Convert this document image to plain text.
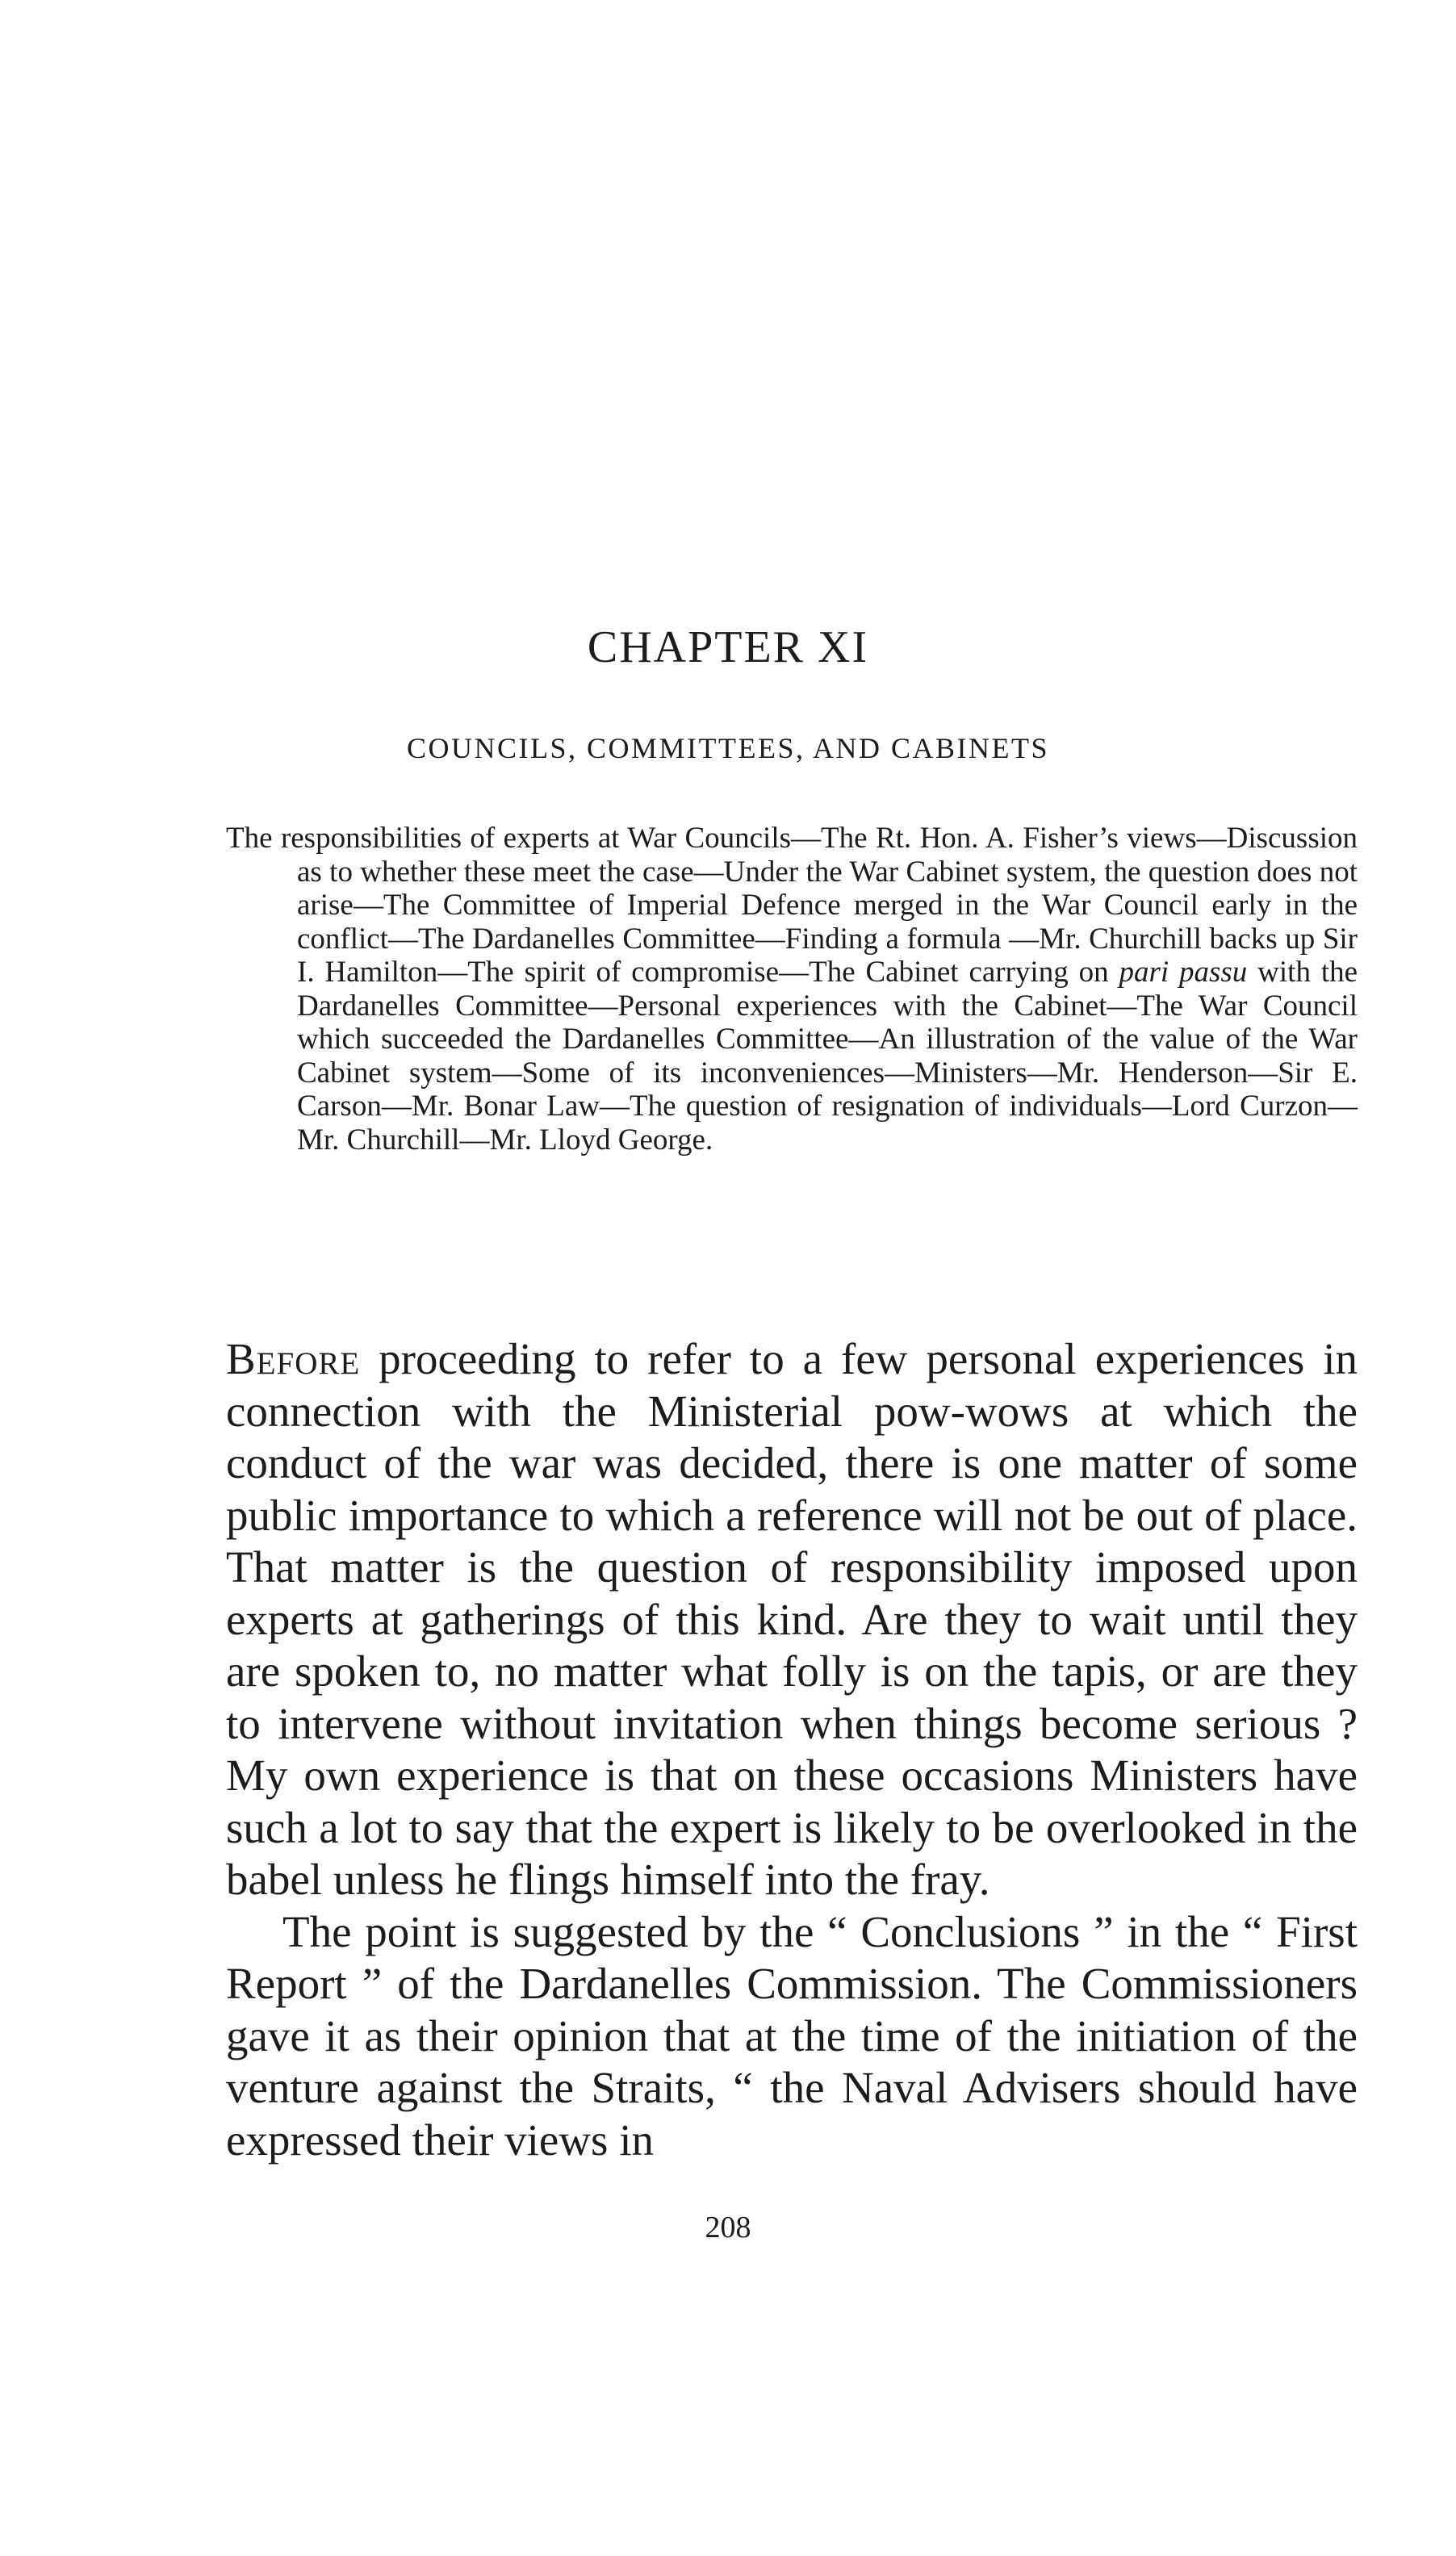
CHAPTER XI
COUNCILS, COMMITTEES, AND CABINETS

The responsibilities of experts at War Councils—The Rt. Hon. A. Fisher’s views—Discussion as to whether these meet the case—Under the War Cabinet system, the question does not arise—The Committee of Imperial Defence merged in the War Council early in the conflict—The Dardanelles Committee—Finding a formula —Mr. Churchill backs up Sir I. Hamilton—The spirit of compromise—The Cabinet carrying on pari passu with the Dardanelles Committee—Personal experiences with the Cabinet—The War Council which succeeded the Dardanelles Committee—An illustration of the value of the War Cabinet system—Some of its inconveniences—Ministers—Mr. Henderson—Sir E. Carson—Mr. Bonar Law—The question of resignation of individuals—Lord Curzon—Mr. Churchill—Mr. Lloyd George.

Before proceeding to refer to a few personal experiences in connection with the Ministerial pow-wows at which the conduct of the war was decided, there is one matter of some public importance to which a reference will not be out of place. That matter is the question of responsibility imposed upon experts at gatherings of this kind. Are they to wait until they are spoken to, no matter what folly is on the tapis, or are they to intervene without invitation when things become serious ? My own experience is that on these occasions Ministers have such a lot to say that the expert is likely to be overlooked in the babel unless he flings himself into the fray.

The point is suggested by the “ Conclusions ” in the “ First Report ” of the Dardanelles Commission. The Commissioners gave it as their opinion that at the time of the initiation of the venture against the Straits, “ the Naval Advisers should have expressed their views in

208
